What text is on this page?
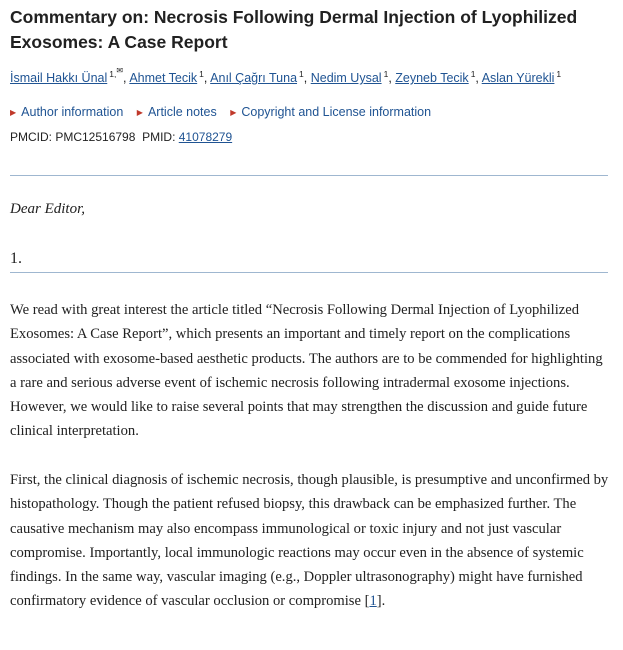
Commentary on: Necrosis Following Dermal Injection of Lyophilized Exosomes: A Case Report
İsmail Hakkı Ünal $^{1,✉}$, Ahmet Tecik $^1$, Anıl Çağrı Tuna $^1$, Nedim Uysal $^1$, Zeyneb Tecik $^1$, Aslan Yürekli $^1$
▶ Author information ▶ Article notes ▶ Copyright and License information
PMCID: PMC12516798 PMID: 41078279
Dear Editor,
1.

We read with great interest the article titled “Necrosis Following Dermal Injection of Lyophilized Exosomes: A Case Report”, which presents an important and timely report on the complications associated with exosome-based aesthetic products. The authors are to be commended for highlighting a rare and serious adverse event of ischemic necrosis following intradermal exosome injections. However, we would like to raise several points that may strengthen the discussion and guide future clinical interpretation.

First, the clinical diagnosis of ischemic necrosis, though plausible, is presumptive and unconfirmed by histopathology. Though the patient refused biopsy, this drawback can be emphasized further. The causative mechanism may also encompass immunological or toxic injury and not just vascular compromise. Importantly, local immunologic reactions may occur even in the absence of systemic findings. In the same way, vascular imaging (e.g., Doppler ultrasonography) might have furnished confirmatory evidence of vascular occlusion or compromise [1].
